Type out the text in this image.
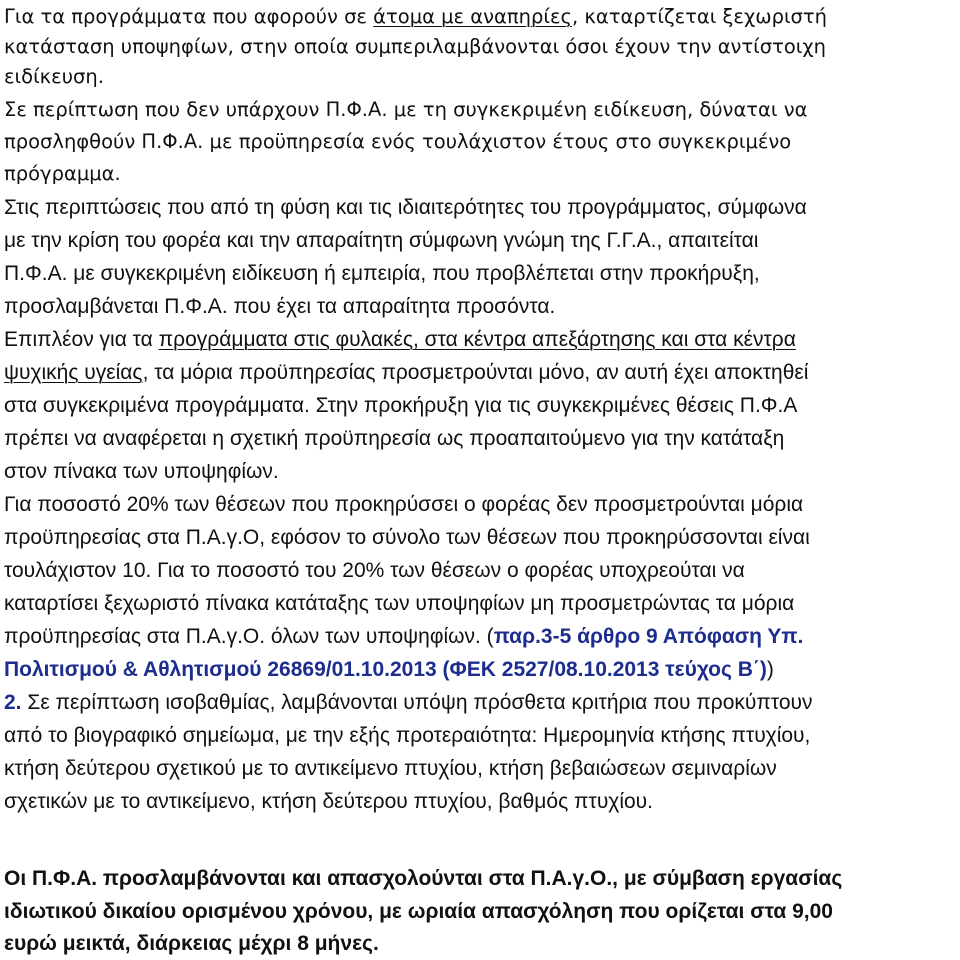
Για τα προγράμματα που αφορούν σε άτομα με αναπηρίες, καταρτίζεται ξεχωριστή
κατάσταση υποψηφίων, στην οποία συμπεριλαμβάνονται όσοι έχουν την αντίστοιχη
ειδίκευση.
Σε περίπτωση που δεν υπάρχουν Π.Φ.Α. με τη συγκεκριμένη ειδίκευση, δύναται να
προσληφθούν Π.Φ.Α. με προϋπηρεσία ενός τουλάχιστον έτους στο συγκεκριμένο
πρόγραμμα.
Στις περιπτώσεις που από τη φύση και τις ιδιαιτερότητες του προγράμματος, σύμφωνα
με την κρίση του φορέα και την απαραίτητη σύμφωνη γνώμη της Γ.Γ.Α., απαιτείται
Π.Φ.Α. με συγκεκριμένη ειδίκευση ή εμπειρία, που προβλέπεται στην προκήρυξη,
προσλαμβάνεται Π.Φ.Α. που έχει τα απαραίτητα προσόντα.
Επιπλέον για τα προγράμματα στις φυλακές, στα κέντρα απεξάρτησης και στα κέντρα
ψυχικής υγείας, τα μόρια προϋπηρεσίας προσμετρούνται μόνο, αν αυτή έχει αποκτηθεί
στα συγκεκριμένα προγράμματα. Στην προκήρυξη για τις συγκεκριμένες θέσεις Π.Φ.Α
πρέπει να αναφέρεται η σχετική προϋπηρεσία ως προαπαιτούμενο για την κατάταξη
στον πίνακα των υποψηφίων.
Για ποσοστό 20% των θέσεων που προκηρύσσει ο φορέας δεν προσμετρούνται μόρια
προϋπηρεσίας στα Π.Α.γ.Ο, εφόσον το σύνολο των θέσεων που προκηρύσσονται είναι
τουλάχιστον 10. Για το ποσοστό του 20% των θέσεων ο φορέας υποχρεούται να
καταρτίσει ξεχωριστό πίνακα κατάταξης των υποψηφίων μη προσμετρώντας τα μόρια
προϋπηρεσίας στα Π.Α.γ.Ο. όλων των υποψηφίων. (παρ.3-5 άρθρο 9 Απόφαση Υπ.
Πολιτισμού & Αθλητισμού 26869/01.10.2013 (ΦΕΚ 2527/08.10.2013 τεύχος Β΄))
2. Σε περίπτωση ισοβαθμίας, λαμβάνονται υπόψη πρόσθετα κριτήρια που προκύπτουν
από το βιογραφικό σημείωμα, με την εξής προτεραιότητα: Ημερομηνία κτήσης πτυχίου,
κτήση δεύτερου σχετικού με το αντικείμενο πτυχίου, κτήση βεβαιώσεων σεμιναρίων
σχετικών με το αντικείμενο, κτήση δεύτερου πτυχίου, βαθμός πτυχίου.
Οι Π.Φ.Α. προσλαμβάνονται και απασχολούνται στα Π.Α.γ.Ο., με σύμβαση εργασίας
ιδιωτικού δικαίου ορισμένου χρόνου, με ωριαία απασχόληση που ορίζεται στα 9,00
ευρώ μεικτά, διάρκειας μέχρι 8 μήνες.
